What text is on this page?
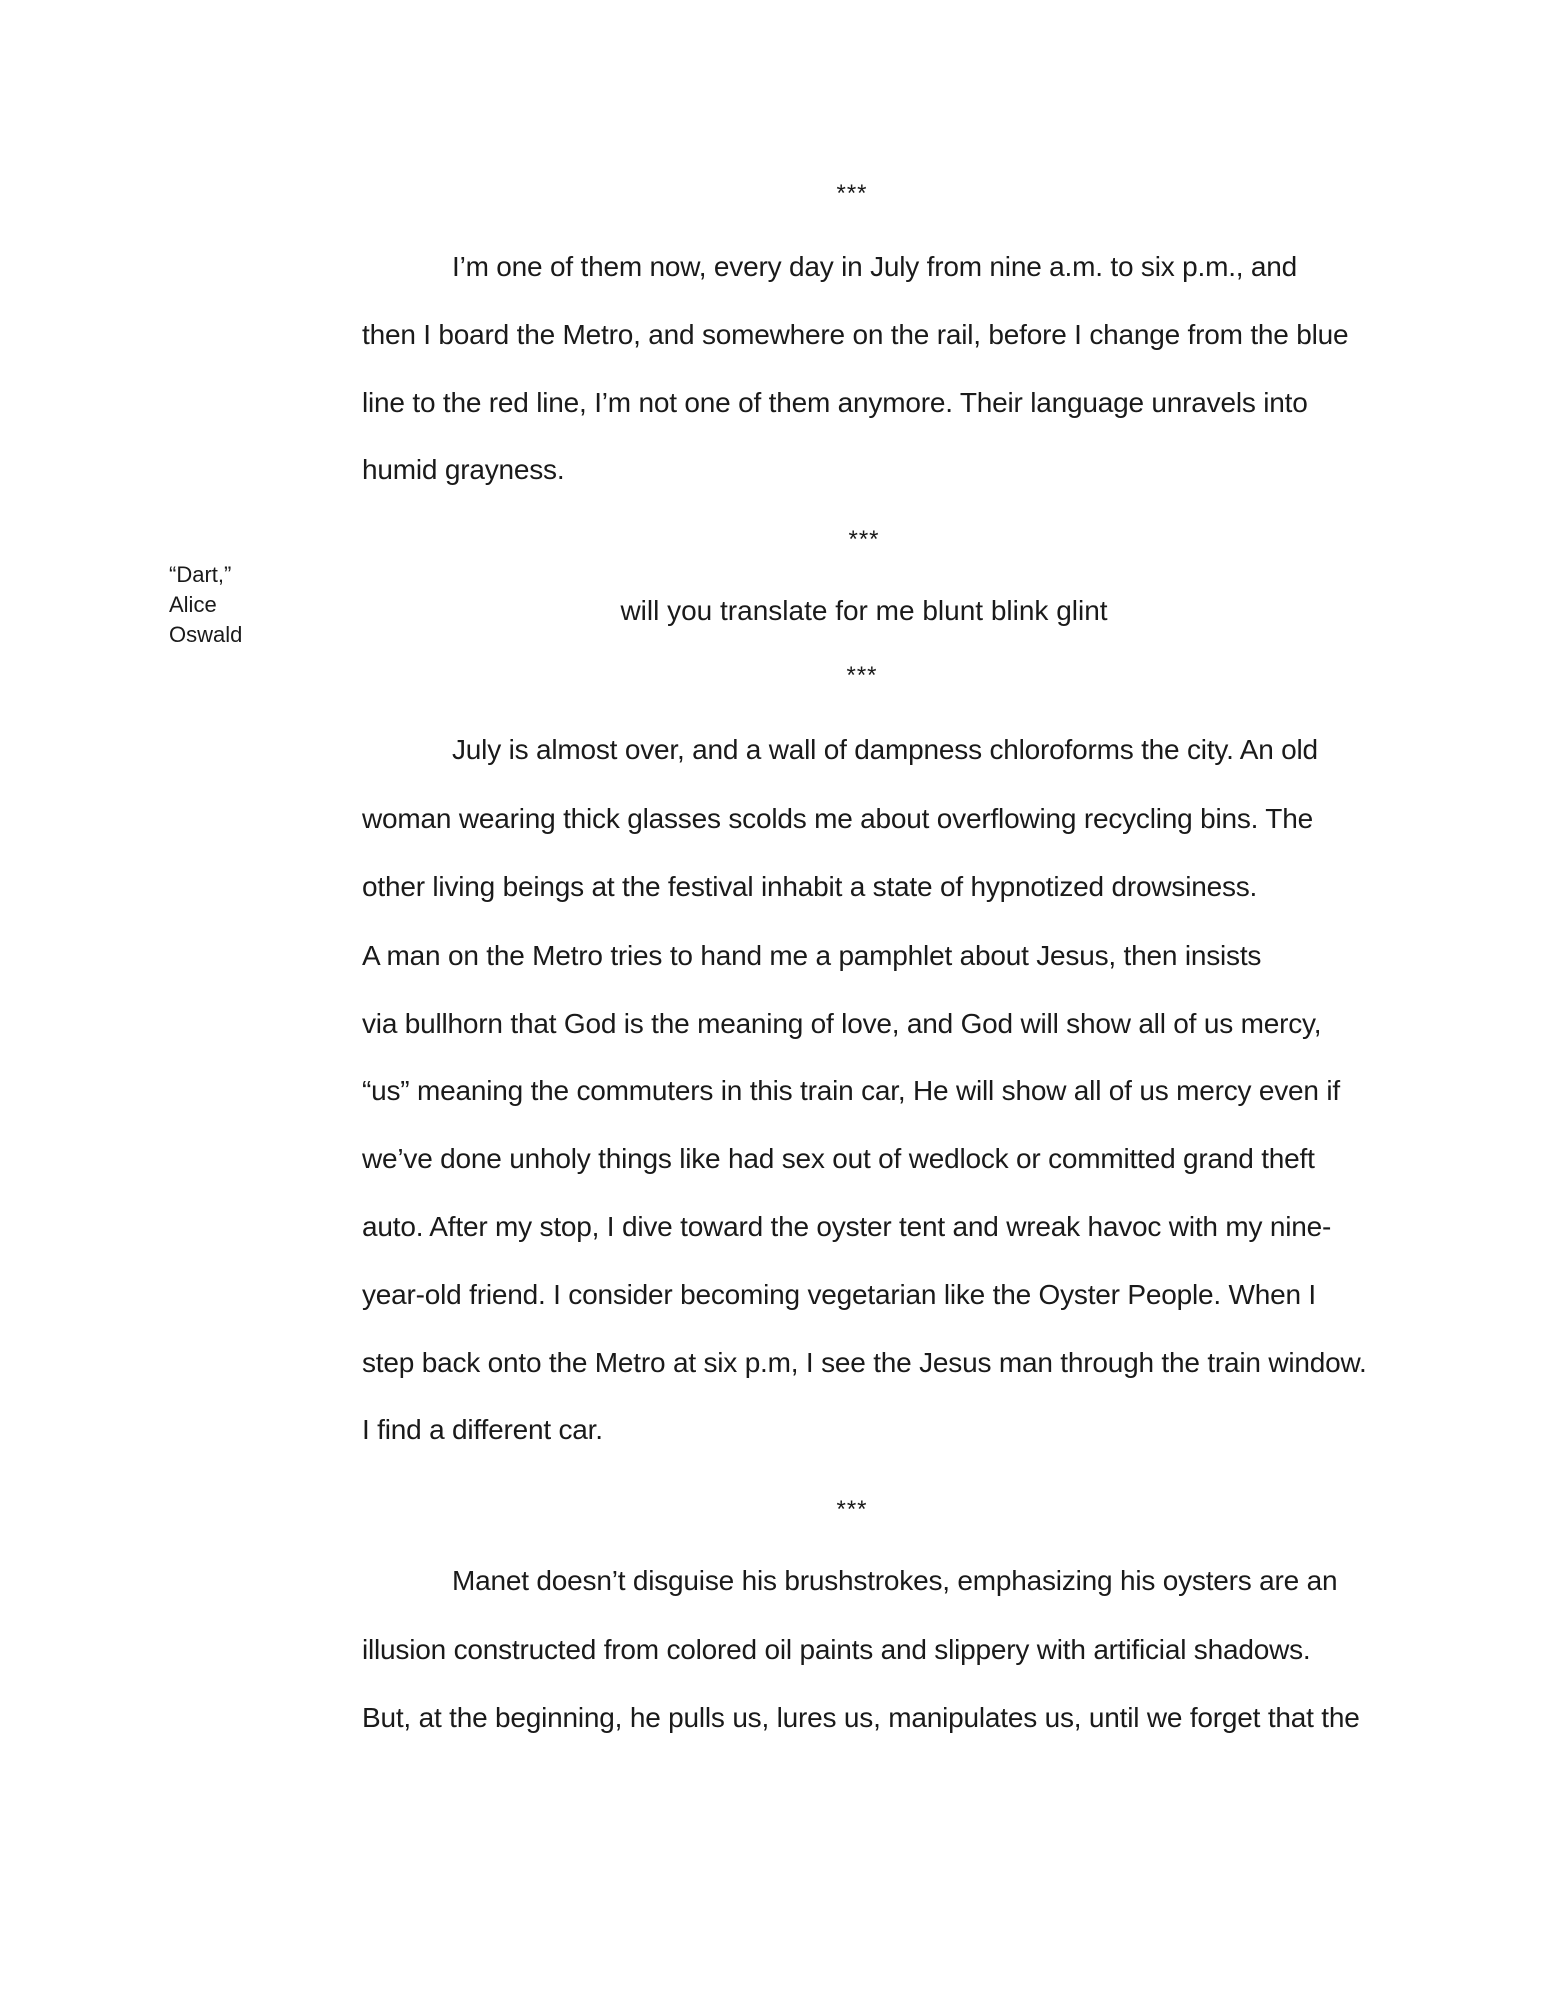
***
I’m one of them now, every day in July from nine a.m. to six p.m., and
then I board the Metro, and somewhere on the rail, before I change from the blue
line to the red line, I’m not one of them anymore. Their language unravels into
humid grayness.
***
“Dart,”
Alice
Oswald
will you translate for me blunt blink glint
***
July is almost over, and a wall of dampness chloroforms the city. An old
woman wearing thick glasses scolds me about overflowing recycling bins. The
other living beings at the festival inhabit a state of hypnotized drowsiness.
A man on the Metro tries to hand me a pamphlet about Jesus, then insists
via bullhorn that God is the meaning of love, and God will show all of us mercy,
“us” meaning the commuters in this train car, He will show all of us mercy even if
we’ve done unholy things like had sex out of wedlock or committed grand theft
auto. After my stop, I dive toward the oyster tent and wreak havoc with my nine-
year-old friend. I consider becoming vegetarian like the Oyster People. When I
step back onto the Metro at six p.m, I see the Jesus man through the train window.
I find a different car.
***
Manet doesn’t disguise his brushstrokes, emphasizing his oysters are an
illusion constructed from colored oil paints and slippery with artificial shadows.
But, at the beginning, he pulls us, lures us, manipulates us, until we forget that the
